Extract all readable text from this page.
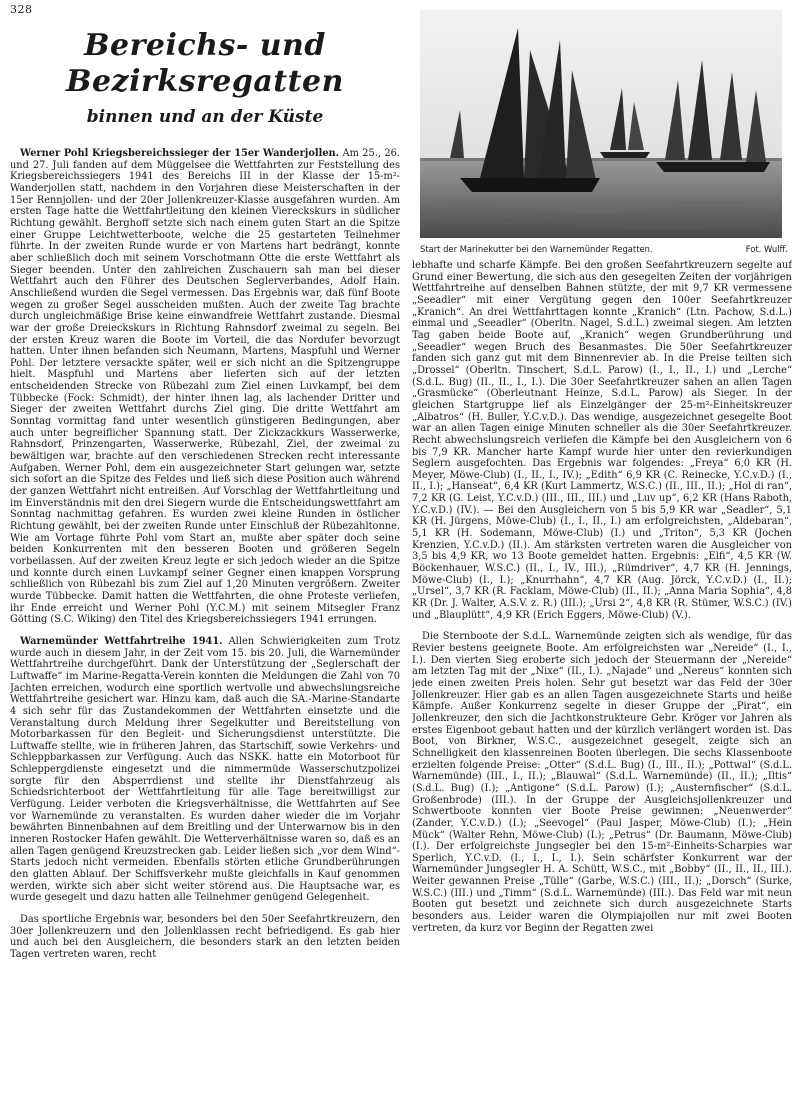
328
Bereichs- und Bezirksregatten
binnen und an der Küste

Werner Pohl Kriegsbereichssieger der 15er Wanderjollen. Am 25., 26. und 27. Juli fanden auf dem Müggelsee die Wettfahrten zur Feststellung des Kriegsbereichssiegers 1941 des Bereichs III in der Klasse der 15-m²-Wanderjollen statt, nachdem in den Vorjahren diese Meisterschaften in der 15er Rennjollen- und der 20er Jollenkreuzer-Klasse ausgefahren wurden. Am ersten Tage hatte die Wettfahrtleitung den kleinen Viereckskurs in südlicher Richtung gewählt. Berghoff setzte sich nach einem guten Start an die Spitze einer Gruppe Leichtwetterboote, welche die 25 gestarteten Teilnehmer führte. In der zweiten Runde wurde er von Martens hart bedrängt, konnte aber schließlich doch mit seinem Vorschotmann Otte die erste Wettfahrt als Sieger beenden. Unter den zahlreichen Zuschauern sah man bei dieser Wettfahrt auch den Führer des Deutschen Seglerverbandes, Adolf Hain. Anschließend wurden die Segel vermessen. Das Ergebnis war, daß fünf Boote wegen zu großer Segel ausscheiden mußten. Auch der zweite Tag brachte durch ungleichmäßige Brise keine einwandfreie Wettfahrt zustande. Diesmal war der große Dreieckskurs in Richtung Rahnsdorf zweimal zu segeln. Bei der ersten Kreuz waren die Boote im Vorteil, die das Nordufer bevorzugt hatten. Unter ihnen befanden sich Neumann, Martens, Maspfuhl und Werner Pohl. Der letztere versackte später, weil er sich nicht an die Spitzengruppe hielt. Maspfuhl und Martens aber lieferten sich auf der letzten entscheidenden Strecke von Rübezahl zum Ziel einen Luvkampf, bei dem Tübbecke (Fock: Schmidt), der hinter ihnen lag, als lachender Dritter und Sieger der zweiten Wettfahrt durchs Ziel ging. Die dritte Wettfahrt am Sonntag vormittag fand unter wesentlich günstigeren Bedingungen, aber auch unter begreiflicher Spannung statt. Der Zickzackkurs Wasserwerke, Rahnsdorf, Prinzengarten, Wasserwerke, Rübezahl, Ziel, der zweimal zu bewältigen war, brachte auf den verschiedenen Strecken recht interessante Aufgaben. Werner Pohl, dem ein ausgezeichneter Start gelungen war, setzte sich sofort an die Spitze des Feldes und ließ sich diese Position auch während der ganzen Wettfahrt nicht entreißen. Auf Vorschlag der Wettfahrtleitung und im Einverständnis mit den drei Siegern wurde die Entscheidungswettfahrt am Sonntag nachmittag gefahren. Es wurden zwei kleine Runden in östlicher Richtung gewählt, bei der zweiten Runde unter Einschluß der Rübezahltonne. Wie am Vortage führte Pohl vom Start an, mußte aber später doch seine beiden Konkurrenten mit den besseren Booten und größeren Segeln vorbeilassen. Auf der zweiten Kreuz legte er sich jedoch wieder an die Spitze und konnte durch einen Luvkampf seiner Gegner einen knappen Vorsprung schließlich von Rübezahl bis zum Ziel auf 1,20 Minuten vergrößern. Zweiter wurde Tübbecke. Damit hatten die Wettfahrten, die ohne Proteste verliefen, ihr Ende erreicht und Werner Pohl (Y.C.M.) mit seinem Mitsegler Franz Götting (S.C. Wiking) den Titel des Kriegsbereichssiegers 1941 errungen.

Warnemünder Wettfahrtreihe 1941. Allen Schwierigkeiten zum Trotz wurde auch in diesem Jahr, in der Zeit vom 15. bis 20. Juli, die Warnemünder Wettfahrtreihe durchgeführt. Dank der Unterstützung der „Seglerschaft der Luftwaffe“ im Marine-Regatta-Verein konnten die Meldungen die Zahl von 70 Jachten erreichen, wodurch eine sportlich wertvolle und abwechslungsreiche Wettfahrtreihe gesichert war. Hinzu kam, daß auch die SA.-Marine-Standarte 4 sich sehr für das Zustandekommen der Wettfahrten einsetzte und die Veranstaltung durch Meldung ihrer Segelkutter und Bereitstellung von Motorbarkassen für den Begleit- und Sicherungsdienst unterstützte. Die Luftwaffe stellte, wie in früheren Jahren, das Startschiff, sowie Verkehrs- und Schleppbarkassen zur Verfügung. Auch das NSKK. hatte ein Motorboot für Schleppergdienste eingesetzt und die nimmermüde Wasserschutzpolizei sorgte für den Absperrdienst und stellte ihr Dienstfahrzeug als Schiedsrichterboot der Wettfahrtleitung für alle Tage bereitwilligst zur Verfügung. Leider verboten die Kriegsverhältnisse, die Wettfahrten auf See vor Warnemünde zu veranstalten. Es wurden daher wieder die im Vorjahr bewährten Binnenbahnen auf dem Breitling und der Unterwarnow bis in den inneren Rostocker Hafen gewählt. Die Wetterverhältnisse waren so, daß es an allen Tagen genügend Kreuzstrecken gab. Leider ließen sich „vor dem Wind“-Starts jedoch nicht vermeiden. Ebenfalls störten etliche Grundberührungen den glatten Ablauf. Der Schiffsverkehr mußte gleichfalls in Kauf genommen werden, wirkte sich aber sicht weiter störend aus. Die Hauptsache war, es wurde gesegelt und dazu hatten alle Teilnehmer genügend Gelegenheit.

Das sportliche Ergebnis war, besonders bei den 50er Seefahrtkreuzern, den 30er Jollenkreuzern und den Jollenklassen recht befriedigend. Es gab hier und auch bei den Ausgleichern, die besonders stark an den letzten beiden Tagen vertreten waren, recht

Start der Marinekutter bei den Warnemünder Regatten.	Fot. Wulff.

lebhafte und scharfe Kämpfe. Bei den großen Seefahrtkreuzern segelte auf Grund einer Bewertung, die sich aus den gesegelten Zeiten der vorjährigen Wettfahrtreihe auf denselben Bahnen stützte, der mit 9,7 KR vermessene „Seeadler“ mit einer Vergütung gegen den 100er Seefahrtkreuzer „Kranich“. An drei Wettfahrttagen konnte „Kranich“ (Ltn. Pachow, S.d.L.) einmal und „Seeadler“ (Oberltn. Nagel, S.d.L.) zweimal siegen. Am letzten Tag gaben beide Boote auf, „Kranich“ wegen Grundberührung und „Seeadler“ wegen Bruch des Besanmastes. Die 50er Seefahrtkreuzer fanden sich ganz gut mit dem Binnenrevier ab. In die Preise teilten sich „Drossel“ (Oberltn. Tinschert, S.d.L. Parow) (I., I., II., I.) und „Lerche“ (S.d.L. Bug) (II., II., I., I.). Die 30er Seefahrtkreuzer sahen an allen Tagen „Grasmücke“ (Oberleutnant Heinze, S.d.L. Parow) als Sieger. In der gleichen Startgruppe lief als Einzelgänger der 25-m²-Einheitskreuzer „Albatros“ (H. Buller, Y.C.v.D.). Das wendige, ausgezeichnet gesegelte Boot war an allen Tagen einige Minuten schneller als die 30er Seefahrtkreuzer. Recht abwechslungsreich verliefen die Kämpfe bei den Ausgleichern von 6 bis 7,9 KR. Mancher harte Kampf wurde hier unter den revierkundigen Seglern ausgefochten. Das Ergebnis war folgendes: „Freya“ 6,0 KR (H. Meyer, Möwe-Club) (I., II., I., IV.); „Edith“ 6,9 KR (C. Reinecke, Y.C.v.D.) (I., II., I.); „Hanseat“, 6,4 KR (Kurt Lammertz, W.S.C.) (II., III., II.); „Hol di ran“, 7,2 KR (G. Leist, Y.C.v.D.) (III., III., III.) und „Luv up“, 6,2 KR (Hans Raboth, Y.C.v.D.) (IV.). — Bei den Ausgleichern von 5 bis 5,9 KR war „Seadler“, 5,1 KR (H. Jürgens, Möwe-Club) (I., I., II., I.) am erfolgreichsten, „Aldebaran“, 5,1 KR (H. Sodemann, Möwe-Club) (I.) und „Triton“, 5,3 KR (Jochen Krenzien, Y.C.v.D.) (II.). Am stärksten vertreten waren die Ausgleicher von 3,5 bis 4,9 KR, wo 13 Boote gemeldet hatten. Ergebnis: „Elfi“, 4,5 KR (W. Böckenhauer, W.S.C.) (II., I., IV., III.), „Rümdriver“, 4,7 KR (H. Jennings, Möwe-Club) (I., I.); „Knurrhahn“, 4,7 KR (Aug. Jörck, Y.C.v.D.) (I., II.); „Ursel“, 3,7 KR (R. Facklam, Möwe-Club) (II., II.); „Anna Maria Sophia“, 4,8 KR (Dr. J. Walter, A.S.V. z. R.) (III.); „Ursi 2“, 4,8 KR (R. Stümer, W.S.C.) (IV.) und „Blauplütt“, 4,9 KR (Erich Eggers, Möwe-Club) (V.).

Die Sternboote der S.d.L. Warnemünde zeigten sich als wendige, für das Revier bestens geeignete Boote. Am erfolgreichsten war „Nereide“ (I., I., I.). Den vierten Sieg eroberte sich jedoch der Steuermann der „Nereide“ am letzten Tag mit der „Nixe“ (II., I.). „Najade“ und „Nereus“ konnten sich jede einen zweiten Preis holen. Sehr gut besetzt war das Feld der 30er Jollenkreuzer. Hier gab es an allen Tagen ausgezeichnete Starts und heiße Kämpfe. Außer Konkurrenz segelte in dieser Gruppe der „Pirat“, ein Jollenkreuzer, den sich die Jachtkonstrukteure Gebr. Kröger vor Jahren als erstes Eigenboot gebaut hatten und der kürzlich verlängert worden ist. Das Boot, von Birkner, W.S.C., ausgezeichnet gesegelt, zeigte sich an Schnelligkeit den klassenreinen Booten überlegen. Die sechs Klassenboote erzielten folgende Preise: „Otter“ (S.d.L. Bug) (I., III., II.); „Pottwal“ (S.d.L. Warnemünde) (III., I., II.); „Blauwal“ (S.d.L. Warnemünde) (II., II.); „Iltis“ (S.d.L. Bug) (I.); „Antigone“ (S.d.L. Parow) (I.); „Austernfischer“ (S.d.L. Großenbrode) (III.). In der Gruppe der Ausgleichsjollenkreuzer und Schwertboote konnten vier Boote Preise gewinnen: „Neuenwerder“ (Zander, Y.C.v.D.) (I.); „Seevogel“ (Paul Jasper, Möwe-Club) (I.); „Hein Mück“ (Walter Rehn, Möwe-Club) (I.); „Petrus“ (Dr. Baumann, Möwe-Club) (I.). Der erfolgreichste Jungsegler bei den 15-m²-Einheits-Scharpies war Sperlich, Y.C.v.D. (I., I., I., I.). Sein schärfster Konkurrent war der Warnemünder Jungsegler H. A. Schütt, W.S.C., mit „Bobby“ (II., II., II., III.). Weiter gewannen Preise „Tülle“ (Garbe, W.S.C.) (III., II.); „Dorsch“ (Surke, W.S.C.) (III.) und „Timm“ (S.d.L. Warnemünde) (III.). Das Feld war mit neun Booten gut besetzt und zeichnete sich durch ausgezeichnete Starts besonders aus. Leider waren die Olympiajollen nur mit zwei Booten vertreten, da kurz vor Beginn der Regatten zwei
